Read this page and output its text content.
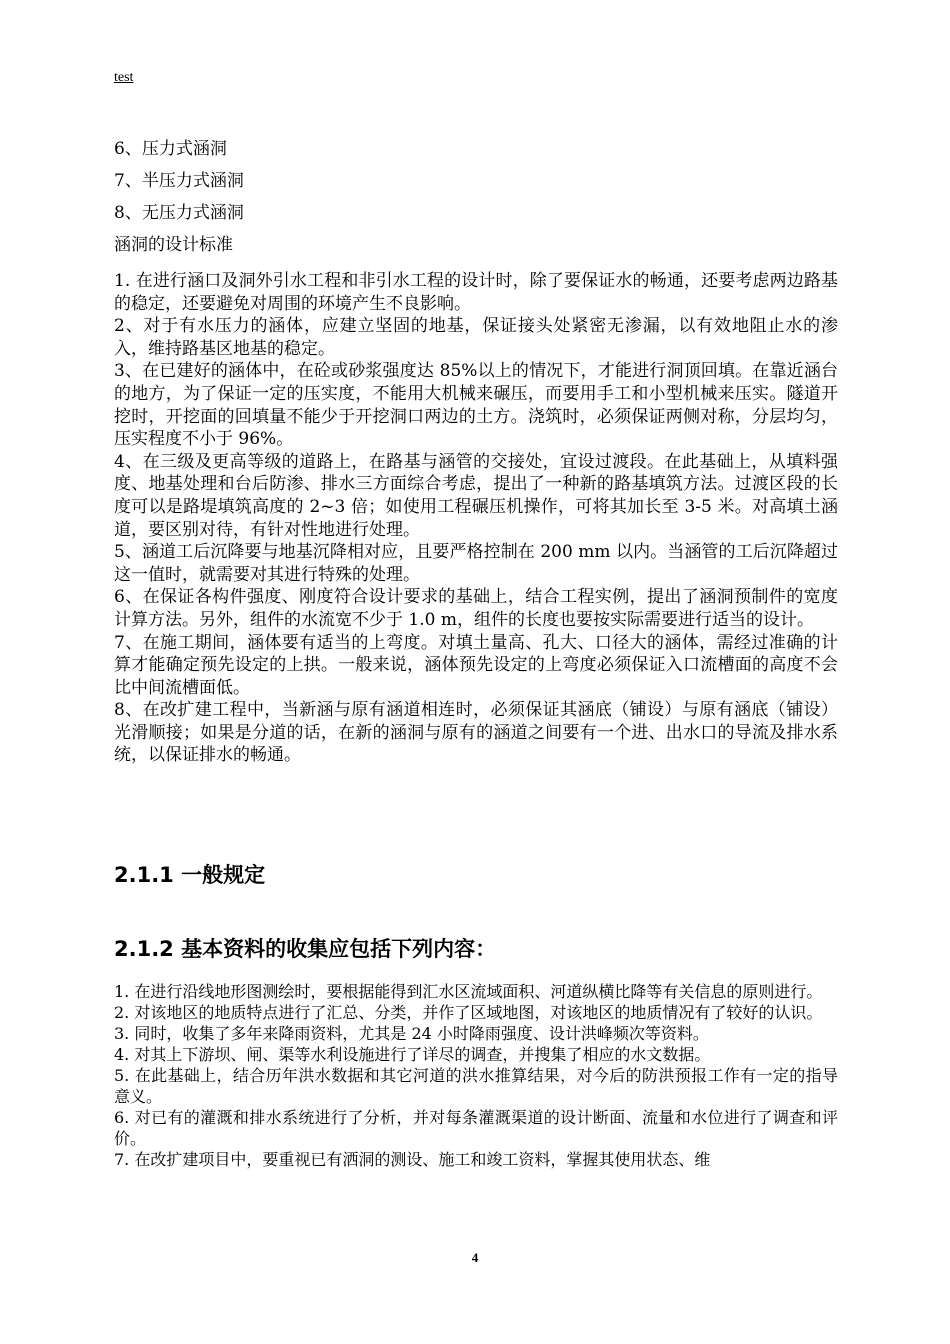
test

6、压力式涵洞

7、半压力式涵洞

8、无压力式涵洞

涵洞的设计标准

1. 在进行涵口及洞外引水工程和非引水工程的设计时，除了要保证水的畅通，还要考虑两边路基的稳定，还要避免对周围的环境产生不良影响。

2、对于有水压力的涵体，应建立坚固的地基，保证接头处紧密无渗漏，以有效地阻止水的渗入，维持路基区地基的稳定。

3、在已建好的涵体中，在砼或砂浆强度达 85%以上的情况下，才能进行洞顶回填。在靠近涵台的地方，为了保证一定的压实度，不能用大机械来碾压，而要用手工和小型机械来压实。隧道开挖时，开挖面的回填量不能少于开挖洞口两边的土方。浇筑时，必须保证两侧对称，分层均匀，压实程度不小于 96%。

4、在三级及更高等级的道路上，在路基与涵管的交接处，宜设过渡段。在此基础上，从填料强度、地基处理和台后防渗、排水三方面综合考虑，提出了一种新的路基填筑方法。过渡区段的长度可以是路堤填筑高度的 2~3 倍；如使用工程碾压机操作，可将其加长至 3-5 米。对高填土涵道，要区别对待，有针对性地进行处理。

5、涵道工后沉降要与地基沉降相对应，且要严格控制在 200 mm 以内。当涵管的工后沉降超过这一值时，就需要对其进行特殊的处理。

6、在保证各构件强度、刚度符合设计要求的基础上，结合工程实例，提出了涵洞预制件的宽度计算方法。另外，组件的水流宽不少于 1.0 m，组件的长度也要按实际需要进行适当的设计。

7、在施工期间，涵体要有适当的上弯度。对填土量高、孔大、口径大的涵体，需经过准确的计算才能确定预先设定的上拱。一般来说，涵体预先设定的上弯度必须保证入口流槽面的高度不会比中间流槽面低。

8、在改扩建工程中，当新涵与原有涵道相连时，必须保证其涵底（铺设）与原有涵底（铺设）光滑顺接；如果是分道的话，在新的涵洞与原有的涵道之间要有一个进、出水口的导流及排水系统，以保证排水的畅通。

2.1.1 一般规定
2.1.2 基本资料的收集应包括下列内容：

1. 在进行沿线地形图测绘时，要根据能得到汇水区流域面积、河道纵横比降等有关信息的原则进行。

2. 对该地区的地质特点进行了汇总、分类，并作了区域地图，对该地区的地质情况有了较好的认识。

3. 同时，收集了多年来降雨资料，尤其是 24 小时降雨强度、设计洪峰频次等资料。

4. 对其上下游坝、闸、渠等水利设施进行了详尽的调查，并搜集了相应的水文数据。

5. 在此基础上，结合历年洪水数据和其它河道的洪水推算结果，对今后的防洪预报工作有一定的指导意义。

6. 对已有的灌溉和排水系统进行了分析，并对每条灌溉渠道的设计断面、流量和水位进行了调查和评价。

7. 在改扩建项目中，要重视已有洒洞的测设、施工和竣工资料，掌握其使用状态、维

4
